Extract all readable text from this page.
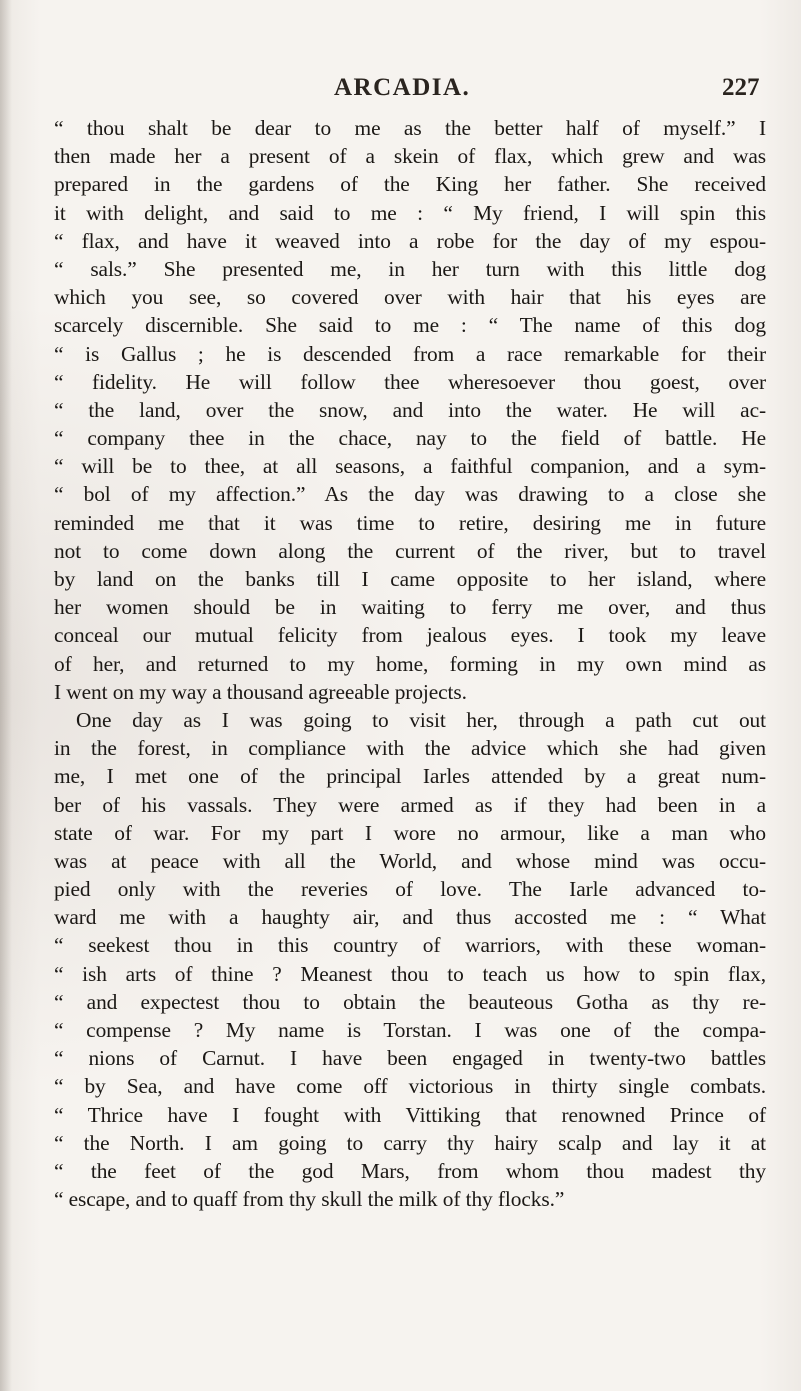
ARCADIA.	227
“ thou shalt be dear to me as the better half of myself.” I
then made her a present of a skein of flax, which grew and was
prepared in the gardens of the King her father. She received
it with delight, and said to me : “ My friend, I will spin this
“ flax, and have it weaved into a robe for the day of my espou-
“ sals.” She presented me, in her turn with this little dog
which you see, so covered over with hair that his eyes are
scarcely discernible. She said to me : “ The name of this dog
“ is Gallus ; he is descended from a race remarkable for their
“ fidelity. He will follow thee wheresoever thou goest, over
“ the land, over the snow, and into the water. He will ac-
“ company thee in the chace, nay to the field of battle. He
“ will be to thee, at all seasons, a faithful companion, and a sym-
“ bol of my affection.” As the day was drawing to a close she
reminded me that it was time to retire, desiring me in future
not to come down along the current of the river, but to travel
by land on the banks till I came opposite to her island, where
her women should be in waiting to ferry me over, and thus
conceal our mutual felicity from jealous eyes. I took my leave
of her, and returned to my home, forming in my own mind as
I went on my way a thousand agreeable projects.
One day as I was going to visit her, through a path cut out
in the forest, in compliance with the advice which she had given
me, I met one of the principal Iarles attended by a great num-
ber of his vassals. They were armed as if they had been in a
state of war. For my part I wore no armour, like a man who
was at peace with all the World, and whose mind was occu-
pied only with the reveries of love. The Iarle advanced to-
ward me with a haughty air, and thus accosted me : “ What
“ seekest thou in this country of warriors, with these woman-
“ ish arts of thine ? Meanest thou to teach us how to spin flax,
“ and expectest thou to obtain the beauteous Gotha as thy re-
“ compense ? My name is Torstan. I was one of the compa-
“ nions of Carnut. I have been engaged in twenty-two battles
“ by Sea, and have come off victorious in thirty single combats.
“ Thrice have I fought with Vittiking that renowned Prince of
“ the North. I am going to carry thy hairy scalp and lay it at
“ the feet of the god Mars, from whom thou madest thy
“ escape, and to quaff from thy skull the milk of thy flocks.”
